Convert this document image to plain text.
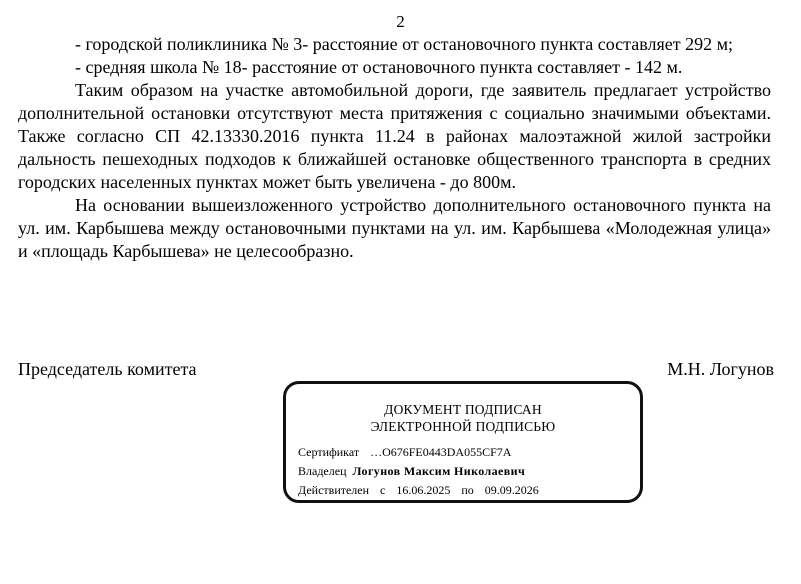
2

- городской поликлиника № 3- расстояние от остановочного пункта составляет 292 м;

- средняя школа № 18- расстояние от остановочного пункта составляет - 142 м.

Таким образом на участке автомобильной дороги, где заявитель предлагает устройство дополнительной остановки отсутствуют места притяжения с социально значимыми объектами. Также согласно СП 42.13330.2016 пункта 11.24 в районах малоэтажной жилой застройки дальность пешеходных подходов к ближайшей остановке общественного транспорта в средних городских населенных пунктах может быть увеличена - до 800м.

На основании вышеизложенного устройство дополнительного остановочного пункта на ул. им. Карбышева между остановочными пунктами на ул. им. Карбышева «Молодежная улица» и «площадь Карбышева» не целесообразно.

Председатель комитета	М.Н. Логунов
ДОКУМЕНТ ПОДПИСАН
ЭЛЕКТРОННОЙ ПОДПИСЬЮ
Сертификат …О676FE0443DA055CF7A
Владелец Логунов Максим Николаевич
Действителен с 16.06.2025 по 09.09.2026
